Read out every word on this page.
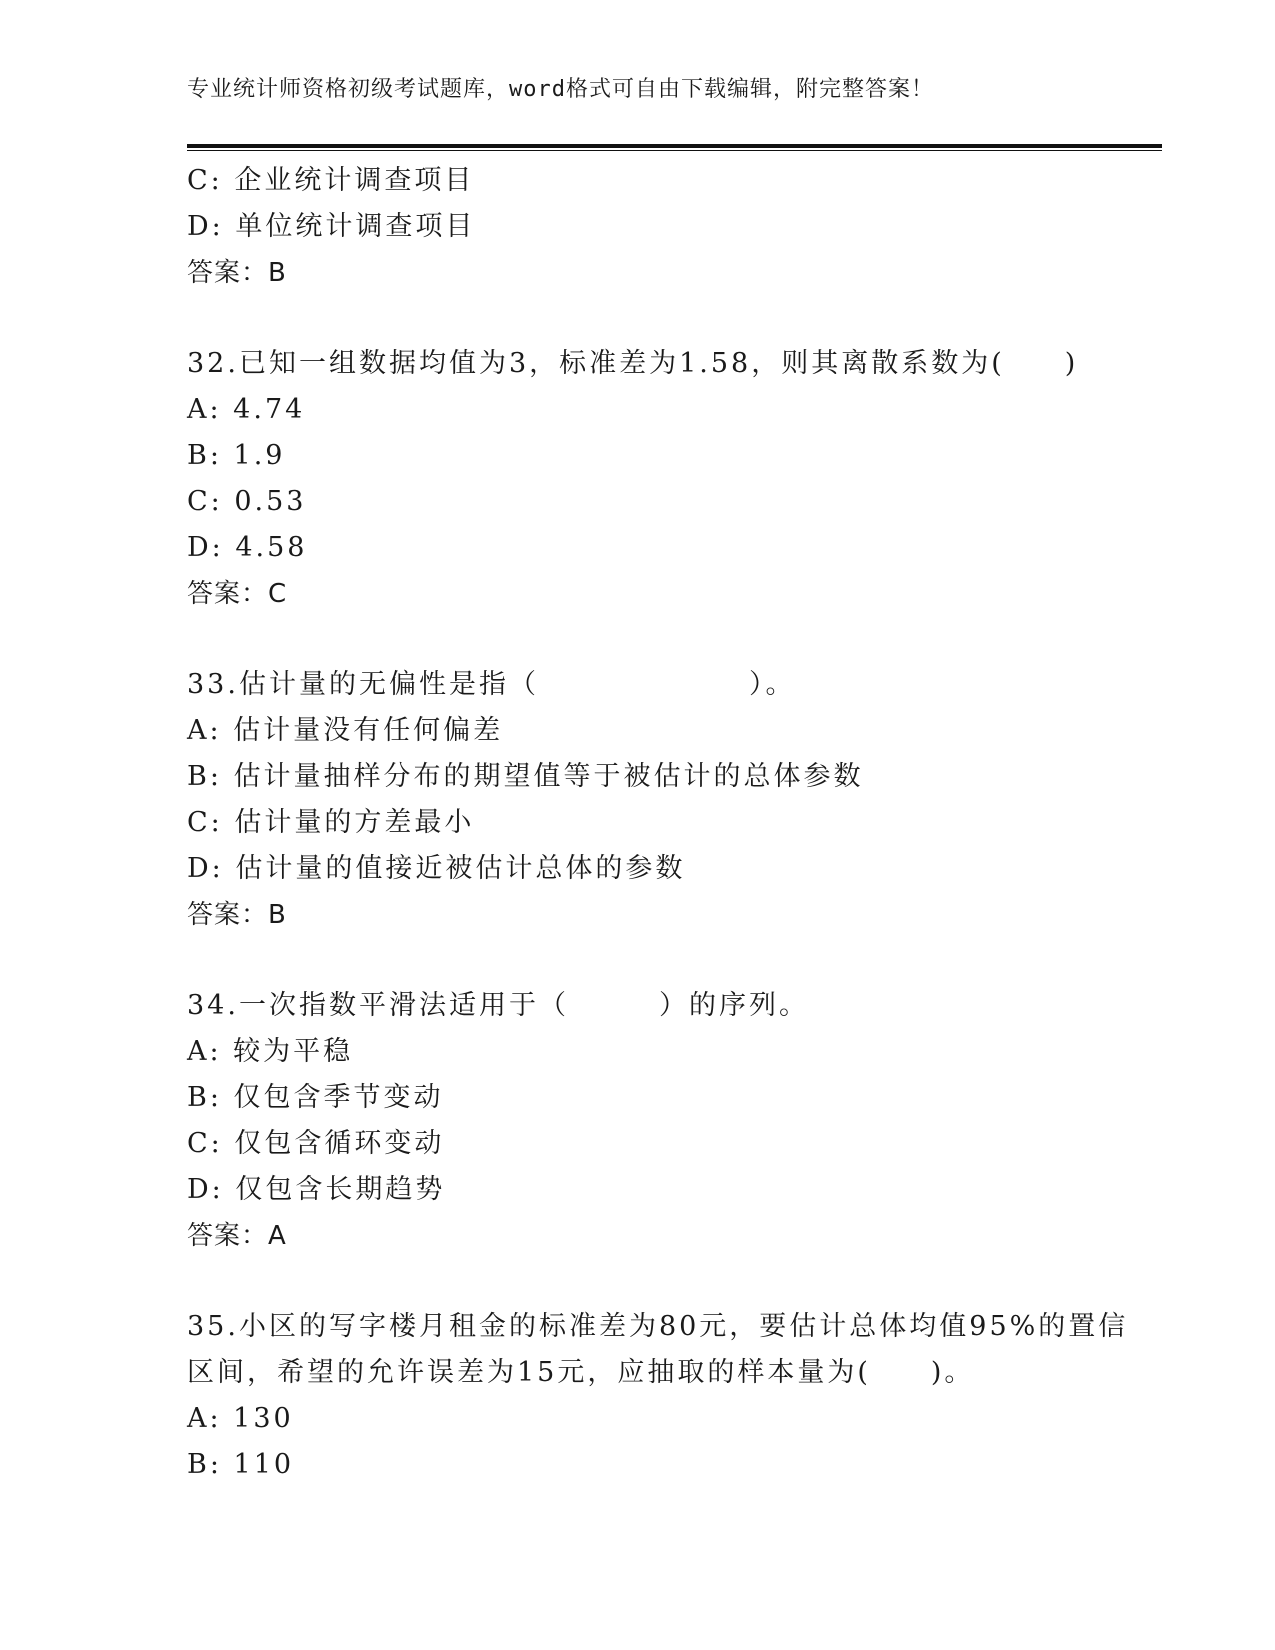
专业统计师资格初级考试题库，word格式可自由下载编辑，附完整答案！
C: 企业统计调查项目
D: 单位统计调查项目
答案：B
32.已知一组数据均值为3，标准差为1.58，则其离散系数为(　　)
A: 4.74
B: 1.9
C: 0.53
D: 4.58
答案：C
33.估计量的无偏性是指（　　　　　　　）。
A: 估计量没有任何偏差
B: 估计量抽样分布的期望值等于被估计的总体参数
C: 估计量的方差最小
D: 估计量的值接近被估计总体的参数
答案：B
34.一次指数平滑法适用于（　　　）的序列。
A: 较为平稳
B: 仅包含季节变动
C: 仅包含循环变动
D: 仅包含长期趋势
答案：A
35.小区的写字楼月租金的标准差为80元，要估计总体均值95%的置信
区间，希望的允许误差为15元，应抽取的样本量为(　　)。
A: 130
B: 110
